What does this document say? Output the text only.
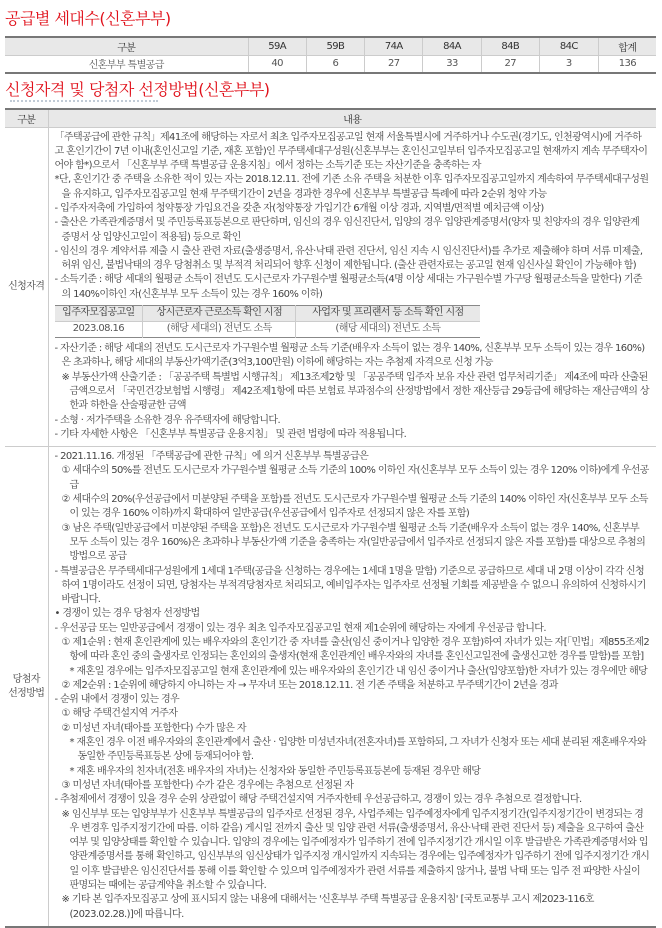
공급별 세대수(신혼부부)
구분	59A	59B	74A	84A	84B	84C	합계
신혼부부 특별공급	40	6	27	33	27	3	136
신청자격 및 당첨자 선정방법(신혼부부)
구분	내용
신청자격	
「주택공급에 관한 규칙」제41조에 해당하는 자로서 최초 입주자모집공고일 현재 서울특별시에 거주하거나 수도권(경기도, 인천광역시)에 거주하고 혼인기간이 7년 이내(혼인신고일 기준, 재혼 포함)인 무주택세대구성원(신혼부부는 혼인신고일부터 입주자모집공고일 현재까지 계속 무주택자이어야 함*)으로서 「신혼부부 주택 특별공급 운용지침」에서 정하는 소득기준 또는 자산기준을 충족하는 자
*단, 혼인기간 중 주택을 소유한 적이 있는 자는 2018.12.11. 전에 기존 소유 주택을 처분한 이후 입주자모집공고일까지 계속하여 무주택세대구성원을 유지하고, 입주자모집공고일 현재 무주택기간이 2년을 경과한 경우에 신혼부부 특별공급 특례에 따라 2순위 청약 가능
- 입주자저축에 가입하여 청약통장 가입요건을 갖춘 자(청약통장 가입기간 6개월 이상 경과, 지역별/면적별 예치금액 이상)
- 출산은 가족관계증명서 및 주민등록표등본으로 판단하며, 임신의 경우 임신진단서, 입양의 경우 입양관계증명서(양자 및 친양자의 경우 입양관계 증명서 상 입양신고일이 적용됨) 등으로 확인
- 임신의 경우 계약서류 제출 시 출산 관련 자료(출생증명서, 유산·낙태 관련 진단서, 임신 지속 시 임신진단서)를 추가로 제출해야 하며 서류 미제출, 허위 임신, 불법낙태의 경우 당첨취소 및 부적격 처리되어 향후 신청이 제한됩니다. (출산 관련자료는 공고일 현재 임신사실 확인이 가능해야 함)
- 소득기준 : 해당 세대의 월평균 소득이 전년도 도시근로자 가구원수별 월평균소득(4명 이상 세대는 가구원수별 가구당 월평균소득을 말한다) 기준의 140%이하인 자(신혼부부 모두 소득이 있는 경우 160% 이하)
입주자모집공고일	상시근로자 근로소득 확인 시점	사업자 및 프리랜서 등 소득 확인 시점
2023.08.16	(해당 세대의) 전년도 소득	(해당 세대의) 전년도 소득
- 자산기준 : 해당 세대의 전년도 도시근로자 가구원수별 월평균 소득 기준(배우자 소득이 없는 경우 140%, 신혼부부 모두 소득이 있는 경우 160%)은 초과하나, 해당 세대의 부동산가액기준(3억3,100만원) 이하에 해당하는 자는 추첨제 자격으로 신청 가능
※ 부동산가액 산출기준 : 「공공주택 특별법 시행규칙」 제13조제2항 및 「공공주택 입주자 보유 자산 관련 업무처리기준」 제4조에 따라 산출된 금액으로서 「국민건강보험법 시행령」 제42조제1항에 따른 보험료 부과점수의 산정방법에서 정한 재산등급 29등급에 해당하는 재산금액의 상한과 하한을 산술평균한 금액
- 소형 · 저가주택을 소유한 경우 유주택자에 해당합니다.
- 기타 자세한 사항은 「신혼부부 특별공급 운용지침」 및 관련 법령에 따라 적용됩니다.

당첨자
선정방법	
- 2021.11.16. 개정된 「주택공급에 관한 규칙」에 의거 신혼부부 특별공급은
① 세대수의 50%를 전년도 도시근로자 가구원수별 월평균 소득 기준의 100% 이하인 자(신혼부부 모두 소득이 있는 경우 120% 이하)에게 우선공급
② 세대수의 20%(우선공급에서 미분양된 주택을 포함)를 전년도 도시근로자 가구원수별 월평균 소득 기준의 140% 이하인 자(신혼부부 모두 소득이 있는 경우 160% 이하)까지 확대하여 일반공급(우선공급에서 입주자로 선정되지 않은 자를 포함)
③ 남은 주택(일반공급에서 미분양된 주택을 포함)은 전년도 도시근로자 가구원수별 월평균 소득 기준(배우자 소득이 없는 경우 140%, 신혼부부 모두 소득이 있는 경우 160%)은 초과하나 부동산가액 기준을 충족하는 자(일반공급에서 입주자로 선정되지 않은 자를 포함)를 대상으로 추첨의 방법으로 공급
- 특별공급은 무주택세대구성원에게 1세대 1주택(공급을 신청하는 경우에는 1세대 1명을 말함) 기준으로 공급하므로 세대 내 2명 이상이 각각 신청하여 1명이라도 선정이 되면, 당첨자는 부적격당첨자로 처리되고, 예비입주자는 입주자로 선정될 기회를 제공받을 수 없으니 유의하여 신청하시기 바랍니다.
• 경쟁이 있는 경우 당첨자 선정방법
- 우선공급 또는 일반공급에서 경쟁이 있는 경우 최초 입주자모집공고일 현재 제1순위에 해당하는 자에게 우선공급 합니다.
① 제1순위 : 현재 혼인관계에 있는 배우자와의 혼인기간 중 자녀를 출산(임신 중이거나 입양한 경우 포함)하여 자녀가 있는 자[「민법」제855조제2항에 따라 혼인 중의 출생자로 인정되는 혼인외의 출생자(현재 혼인관계인 배우자와의 자녀를 혼인신고일전에 출생신고한 경우를 말함)를 포함]
* 재혼일 경우에는 입주자모집공고일 현재 혼인관계에 있는 배우자와의 혼인기간 내 임신 중이거나 출산(입양포함)한 자녀가 있는 경우에만 해당
② 제2순위 : 1순위에 해당하지 아니하는 자 → 무자녀 또는 2018.12.11. 전 기존 주택을 처분하고 무주택기간이 2년을 경과
- 순위 내에서 경쟁이 있는 경우
① 해당 주택건설지역 거주자
② 미성년 자녀(태아를 포함한다) 수가 많은 자
* 재혼인 경우 이전 배우자와의 혼인관계에서 출산 · 입양한 미성년자녀(전혼자녀)를 포함하되, 그 자녀가 신청자 또는 세대 분리된 재혼배우자와 동일한 주민등록표등본 상에 등재되어야 함.
* 재혼 배우자의 친자녀(전혼 배우자의 자녀)는 신청자와 동일한 주민등록표등본에 등재된 경우만 해당
③ 미성년 자녀(태아를 포함한다) 수가 같은 경우에는 추첨으로 선정된 자
- 추첨제에서 경쟁이 있을 경우 순위 상관없이 해당 주택건설지역 거주자한테 우선공급하고, 경쟁이 있는 경우 추첨으로 결정합니다.
※ 임신부부 또는 입양부부가 신혼부부 특별공급의 입주자로 선정된 경우, 사업주체는 입주예정자에게 입주지정기간(입주지정기간이 변경되는 경우 변경후 입주지정기간에 따름. 이하 같음) 게시일 전까지 출산 및 입양 관련 서류(출생증명서, 유산·낙태 관련 진단서 등) 제출을 요구하여 출산여부 및 입양상태를 확인할 수 있습니다. 입양의 경우에는 입주예정자가 입주하기 전에 입주지정기간 개시일 이후 발급받은 가족관계증명서와 입양관계증명서를 통해 확인하고, 임신부부의 임신상태가 입주지정 개시일까지 지속되는 경우에는 입주예정자가 입주하기 전에 입주지정기간 개시일 이후 발급받은 임신진단서를 통해 이를 확인할 수 있으며 입주예정자가 관련 서류를 제출하지 않거나, 불법 낙태 또는 입주 전 파양한 사실이 판명되는 때에는 공급계약을 취소할 수 있습니다.
※ 기타 본 입주자모집공고 상에 표시되지 않는 내용에 대해서는 '신혼부부 주택 특별공급 운용지침' [국토교통부 고시 제2023-116호(2023.02.28.)]에 따릅니다.
